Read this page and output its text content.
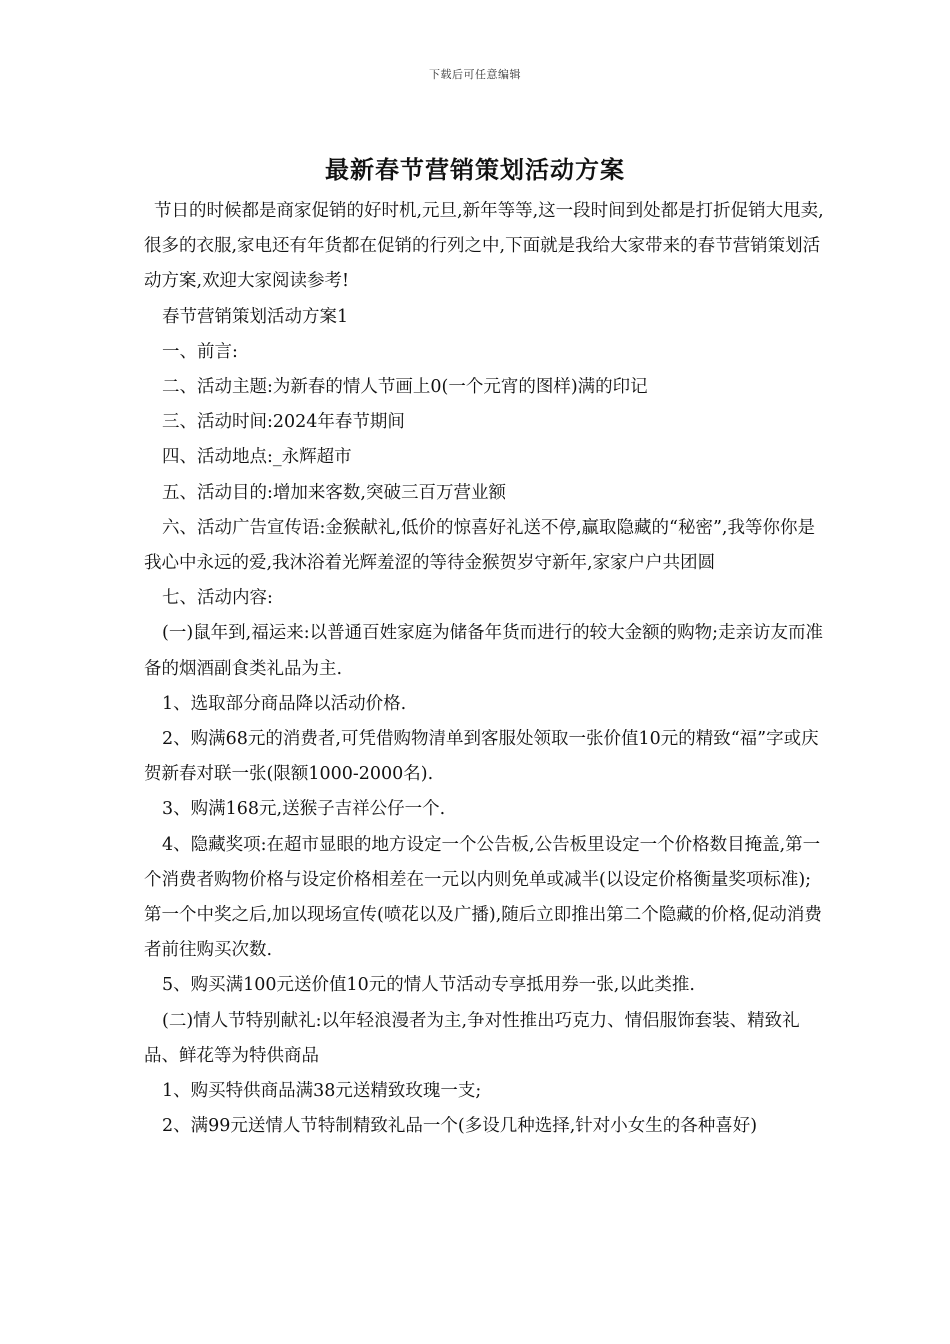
下载后可任意编辑
最新春节营销策划活动方案

节日的时候都是商家促销的好时机,元旦,新年等等,这一段时间到处都是打折促销大甩卖,很多的衣服,家电还有年货都在促销的行列之中,下面就是我给大家带来的春节营销策划活动方案,欢迎大家阅读参考!

春节营销策划活动方案1

一、前言:

二、活动主题:为新春的情人节画上0(一个元宵的图样)满的印记

三、活动时间:2024年春节期间

四、活动地点:_永辉超市

五、活动目的:增加来客数,突破三百万营业额

六、活动广告宣传语:金猴献礼,低价的惊喜好礼送不停,赢取隐藏的“秘密”,我等你你是我心中永远的爱,我沐浴着光辉羞涩的等待金猴贺岁守新年,家家户户共团圆

七、活动内容:

(一)鼠年到,福运来:以普通百姓家庭为储备年货而进行的较大金额的购物;走亲访友而准备的烟酒副食类礼品为主.

1、选取部分商品降以活动价格.

2、购满68元的消费者,可凭借购物清单到客服处领取一张价值10元的精致“福”字或庆贺新春对联一张(限额1000-2000名).

3、购满168元,送猴子吉祥公仔一个.

4、隐藏奖项:在超市显眼的地方设定一个公告板,公告板里设定一个价格数目掩盖,第一个消费者购物价格与设定价格相差在一元以内则免单或减半(以设定价格衡量奖项标准);第一个中奖之后,加以现场宣传(喷花以及广播),随后立即推出第二个隐藏的价格,促动消费者前往购买次数.

5、购买满100元送价值10元的情人节活动专享抵用券一张,以此类推.

(二)情人节特别献礼:以年轻浪漫者为主,争对性推出巧克力、情侣服饰套装、精致礼品、鲜花等为特供商品

1、购买特供商品满38元送精致玫瑰一支;

2、满99元送情人节特制精致礼品一个(多设几种选择,针对小女生的各种喜好)
